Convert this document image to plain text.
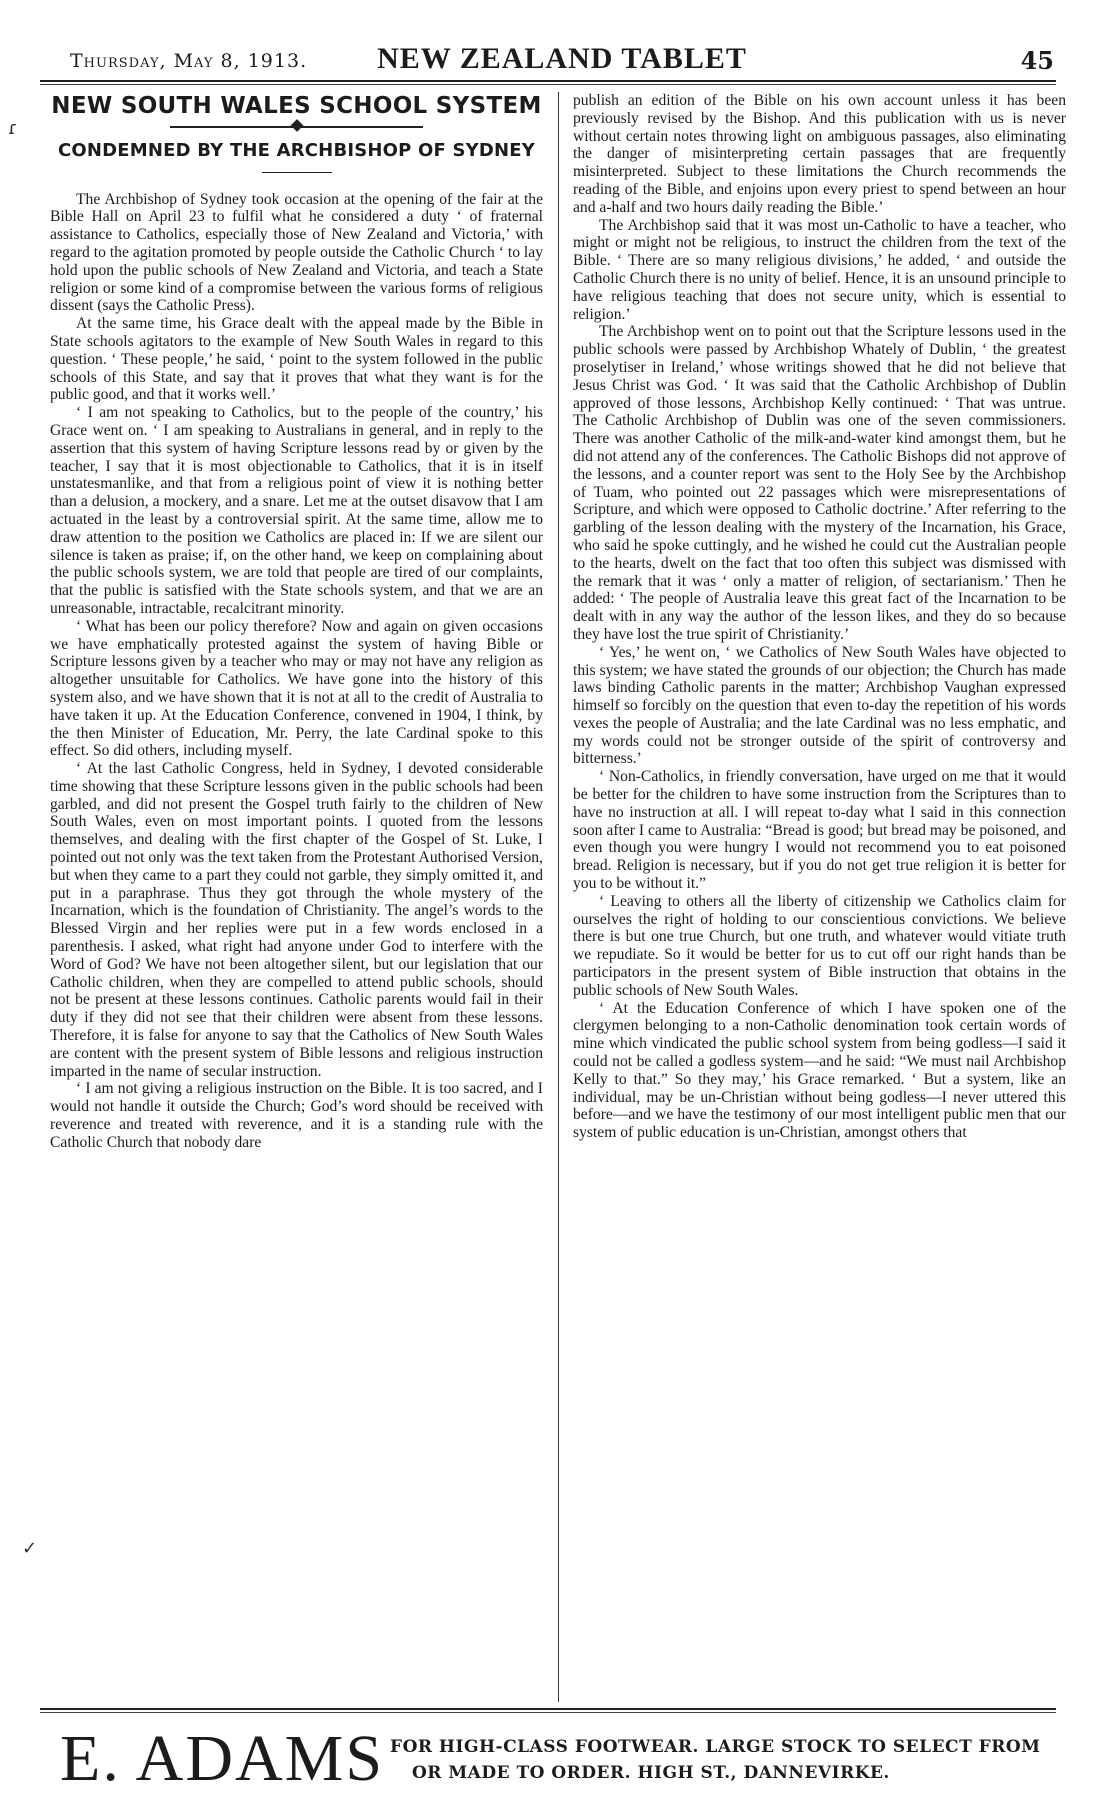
Thursday, May 8, 1913.	NEW ZEALAND TABLET	45
ɾ
✓
NEW SOUTH WALES SCHOOL SYSTEM
CONDEMNED BY THE ARCHBISHOP OF SYDNEY

The Archbishop of Sydney took occasion at the opening of the fair at the Bible Hall on April 23 to fulfil what he considered a duty ‘ of fraternal assistance to Catholics, especially those of New Zealand and Victoria,’ with regard to the agitation promoted by people outside the Catholic Church ‘ to lay hold upon the public schools of New Zealand and Victoria, and teach a State religion or some kind of a compromise between the various forms of religious dissent (says the Catholic Press).

At the same time, his Grace dealt with the appeal made by the Bible in State schools agitators to the example of New South Wales in regard to this question. ‘ These people,’ he said, ‘ point to the system followed in the public schools of this State, and say that it proves that what they want is for the public good, and that it works well.’

‘ I am not speaking to Catholics, but to the people of the country,’ his Grace went on. ‘ I am speaking to Australians in general, and in reply to the assertion that this system of having Scripture lessons read by or given by the teacher, I say that it is most objectionable to Catholics, that it is in itself unstatesmanlike, and that from a religious point of view it is nothing better than a delusion, a mockery, and a snare. Let me at the outset disavow that I am actuated in the least by a controversial spirit. At the same time, allow me to draw attention to the position we Catholics are placed in: If we are silent our silence is taken as praise; if, on the other hand, we keep on complaining about the public schools system, we are told that people are tired of our complaints, that the public is satisfied with the State schools system, and that we are an unreasonable, intractable, recalcitrant minority.

‘ What has been our policy therefore? Now and again on given occasions we have emphatically protested against the system of having Bible or Scripture lessons given by a teacher who may or may not have any religion as altogether unsuitable for Catholics. We have gone into the history of this system also, and we have shown that it is not at all to the credit of Australia to have taken it up. At the Education Conference, convened in 1904, I think, by the then Minister of Education, Mr. Perry, the late Cardinal spoke to this effect. So did others, including myself.

‘ At the last Catholic Congress, held in Sydney, I devoted considerable time showing that these Scripture lessons given in the public schools had been garbled, and did not present the Gospel truth fairly to the children of New South Wales, even on most important points. I quoted from the lessons themselves, and dealing with the first chapter of the Gospel of St. Luke, I pointed out not only was the text taken from the Protestant Authorised Version, but when they came to a part they could not garble, they simply omitted it, and put in a paraphrase. Thus they got through the whole mystery of the Incarnation, which is the foundation of Christianity. The angel’s words to the Blessed Virgin and her replies were put in a few words enclosed in a parenthesis. I asked, what right had anyone under God to interfere with the Word of God? We have not been altogether silent, but our legislation that our Catholic children, when they are compelled to attend public schools, should not be present at these lessons continues. Catholic parents would fail in their duty if they did not see that their children were absent from these lessons. Therefore, it is false for anyone to say that the Catholics of New South Wales are content with the present system of Bible lessons and religious instruction imparted in the name of secular instruction.

‘ I am not giving a religious instruction on the Bible. It is too sacred, and I would not handle it outside the Church; God’s word should be received with reverence and treated with reverence, and it is a standing rule with the Catholic Church that nobody dare

publish an edition of the Bible on his own account unless it has been previously revised by the Bishop. And this publication with us is never without certain notes throwing light on ambiguous passages, also eliminating the danger of misinterpreting certain passages that are frequently misinterpreted. Subject to these limitations the Church recommends the reading of the Bible, and enjoins upon every priest to spend between an hour and a-half and two hours daily reading the Bible.’

The Archbishop said that it was most un-Catholic to have a teacher, who might or might not be religious, to instruct the children from the text of the Bible. ‘ There are so many religious divisions,’ he added, ‘ and outside the Catholic Church there is no unity of belief. Hence, it is an unsound principle to have religious teaching that does not secure unity, which is essential to religion.’

The Archbishop went on to point out that the Scripture lessons used in the public schools were passed by Archbishop Whately of Dublin, ‘ the greatest proselytiser in Ireland,’ whose writings showed that he did not believe that Jesus Christ was God. ‘ It was said that the Catholic Archbishop of Dublin approved of those lessons, Archbishop Kelly continued: ‘ That was untrue. The Catholic Archbishop of Dublin was one of the seven commissioners. There was another Catholic of the milk-and-water kind amongst them, but he did not attend any of the conferences. The Catholic Bishops did not approve of the lessons, and a counter report was sent to the Holy See by the Archbishop of Tuam, who pointed out 22 passages which were misrepresentations of Scripture, and which were opposed to Catholic doctrine.’ After referring to the garbling of the lesson dealing with the mystery of the Incarnation, his Grace, who said he spoke cuttingly, and he wished he could cut the Australian people to the hearts, dwelt on the fact that too often this subject was dismissed with the remark that it was ‘ only a matter of religion, of sectarianism.’ Then he added: ‘ The people of Australia leave this great fact of the Incarnation to be dealt with in any way the author of the lesson likes, and they do so because they have lost the true spirit of Christianity.’

‘ Yes,’ he went on, ‘ we Catholics of New South Wales have objected to this system; we have stated the grounds of our objection; the Church has made laws binding Catholic parents in the matter; Archbishop Vaughan expressed himself so forcibly on the question that even to-day the repetition of his words vexes the people of Australia; and the late Cardinal was no less emphatic, and my words could not be stronger outside of the spirit of controversy and bitterness.’

‘ Non-Catholics, in friendly conversation, have urged on me that it would be better for the children to have some instruction from the Scriptures than to have no instruction at all. I will repeat to-day what I said in this connection soon after I came to Australia: “Bread is good; but bread may be poisoned, and even though you were hungry I would not recommend you to eat poisoned bread. Religion is necessary, but if you do not get true religion it is better for you to be without it.”

‘ Leaving to others all the liberty of citizenship we Catholics claim for ourselves the right of holding to our conscientious convictions. We believe there is but one true Church, but one truth, and whatever would vitiate truth we repudiate. So it would be better for us to cut off our right hands than be participators in the present system of Bible instruction that obtains in the public schools of New South Wales.

‘ At the Education Conference of which I have spoken one of the clergymen belonging to a non-Catholic denomination took certain words of mine which vindicated the public school system from being godless—I said it could not be called a godless system—and he said: “We must nail Archbishop Kelly to that.” So they may,’ his Grace remarked. ‘ But a system, like an individual, may be un-Christian without being godless—I never uttered this before—and we have the testimony of our most intelligent public men that our system of public education is un-Christian, amongst others that

E. ADAMS FOR HIGH-CLASS FOOTWEAR. LARGE STOCK TO SELECT FROM
OR MADE TO ORDER. HIGH ST., DANNEVIRKE.
